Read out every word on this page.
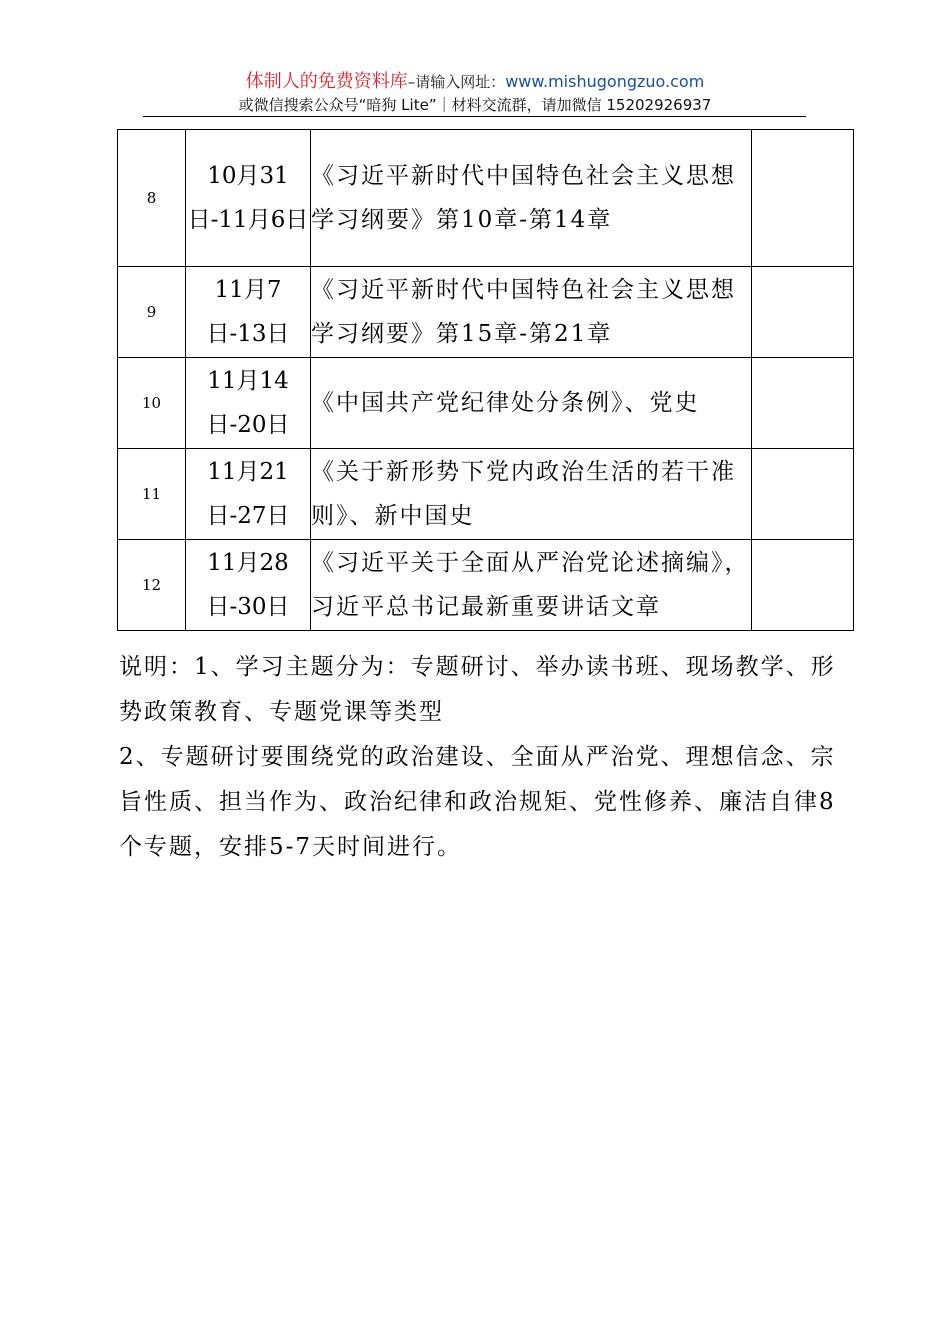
体制人的免费资料库–请输入网址：www.mishugongzuo.com
或微信搜索公众号“暗狗 Lite”｜材料交流群，请加微信 15202926937
8	10月31日-11月6日	《习近平新时代中国特色社会主义思想学习纲要》第10章-第14章	
9	11月7日-13日	《习近平新时代中国特色社会主义思想学习纲要》第15章-第21章	
10	11月14日-20日	《中国共产党纪律处分条例》、党史	
11	11月21日-27日	《关于新形势下党内政治生活的若干准则》、新中国史	
12	11月28日-30日	《习近平关于全面从严治党论述摘编》，习近平总书记最新重要讲话文章	

说明：1、学习主题分为：专题研讨、举办读书班、现场教学、形势政策教育、专题党课等类型

2、专题研讨要围绕党的政治建设、全面从严治党、理想信念、宗旨性质、担当作为、政治纪律和政治规矩、党性修养、廉洁自律8个专题，安排5-7天时间进行。
